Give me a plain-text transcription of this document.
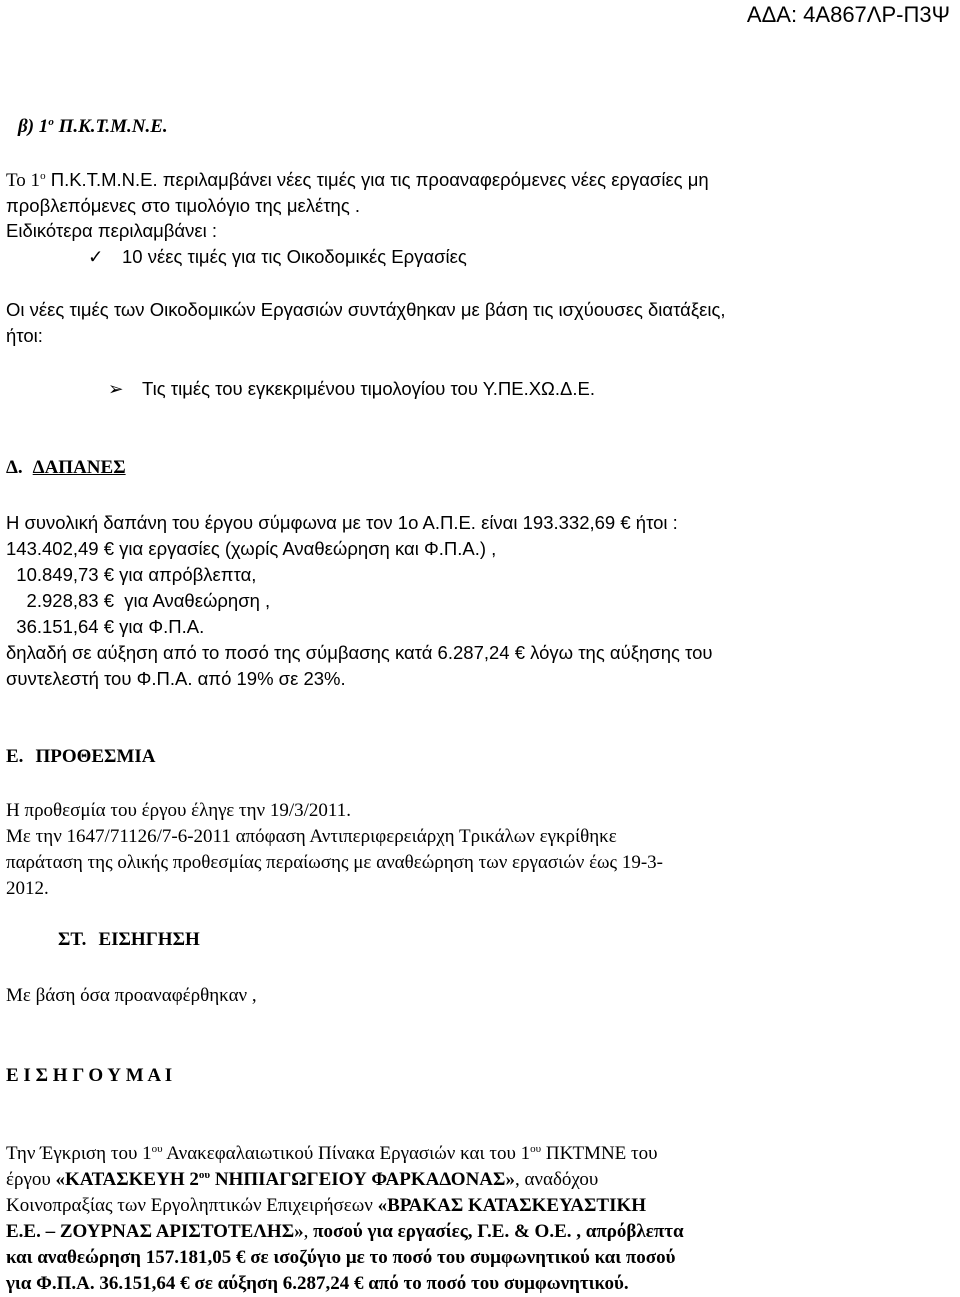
ΑΔΑ: 4Α867ΛΡ-Π3Ψ
β) $1^o$ Π.Κ.Τ.Μ.Ν.Ε.
Το $1^o$ Π.Κ.Τ.Μ.Ν.Ε. περιλαμβάνει νέες τιμές για τις προαναφερόμενες νέες εργασίες μη
προβλεπόμενες στο τιμολόγιο της μελέτης .
Ειδικότερα περιλαμβάνει :
✓ 10 νέες τιμές για τις Οικοδομικές Εργασίες
Οι νέες τιμές των Οικοδομικών Εργασιών συντάχθηκαν με βάση τις ισχύουσες διατάξεις,
ήτοι:
➢ Τις τιμές του εγκεκριμένου τιμολογίου του Υ.ΠΕ.ΧΩ.Δ.Ε.
Δ. ΔΑΠΑΝΕΣ
Η συνολική δαπάνη του έργου σύμφωνα με τον 1ο Α.Π.Ε. είναι 193.332,69 € ήτοι :
143.402,49 € για εργασίες (χωρίς Αναθεώρηση και Φ.Π.Α.) ,
10.849,73 € για απρόβλεπτα,
2.928,83 €  για Αναθεώρηση ,
36.151,64 € για Φ.Π.Α.
δηλαδή σε αύξηση από το ποσό της σύμβασης κατά 6.287,24 € λόγω της αύξησης του
συντελεστή του Φ.Π.Α. από 19% σε 23%.
Ε. ΠΡΟΘΕΣΜΙΑ
Η προθεσμία του έργου έληγε την 19/3/2011.
Με την 1647/71126/7-6-2011 απόφαση Αντιπεριφερειάρχη Τρικάλων εγκρίθηκε
παράταση της ολικής προθεσμίας περαίωσης με αναθεώρηση των εργασιών έως 19-3-
2012.
ΣΤ. ΕΙΣΗΓΗΣΗ
Με βάση όσα προαναφέρθηκαν ,
Ε Ι Σ Η Γ Ο Υ Μ Α Ι
Την Έγκριση του $1^{o\upsilon}$ Ανακεφαλαιωτικού Πίνακα Εργασιών και του $1^{o\upsilon}$ ΠΚΤΜΝΕ του
έργου «ΚΑΤΑΣΚΕΥΗ $2^{o\upsilon}$ ΝΗΠΙΑΓΩΓΕΙΟΥ ΦΑΡΚΑΔΟΝΑΣ», αναδόχου
Κοινοπραξίας των Εργοληπτικών Επιχειρήσεων «ΒΡΑΚΑΣ ΚΑΤΑΣΚΕΥΑΣΤΙΚΗ
Ε.Ε. – ΖΟΥΡΝΑΣ ΑΡΙΣΤΟΤΕΛΗΣ», ποσού για εργασίες, Γ.Ε. & Ο.Ε. , απρόβλεπτα
και αναθεώρηση 157.181,05 € σε ισοζύγιο με το ποσό του συμφωνητικού και ποσού
για Φ.Π.Α. 36.151,64 € σε αύξηση 6.287,24 € από το ποσό του συμφωνητικού.
